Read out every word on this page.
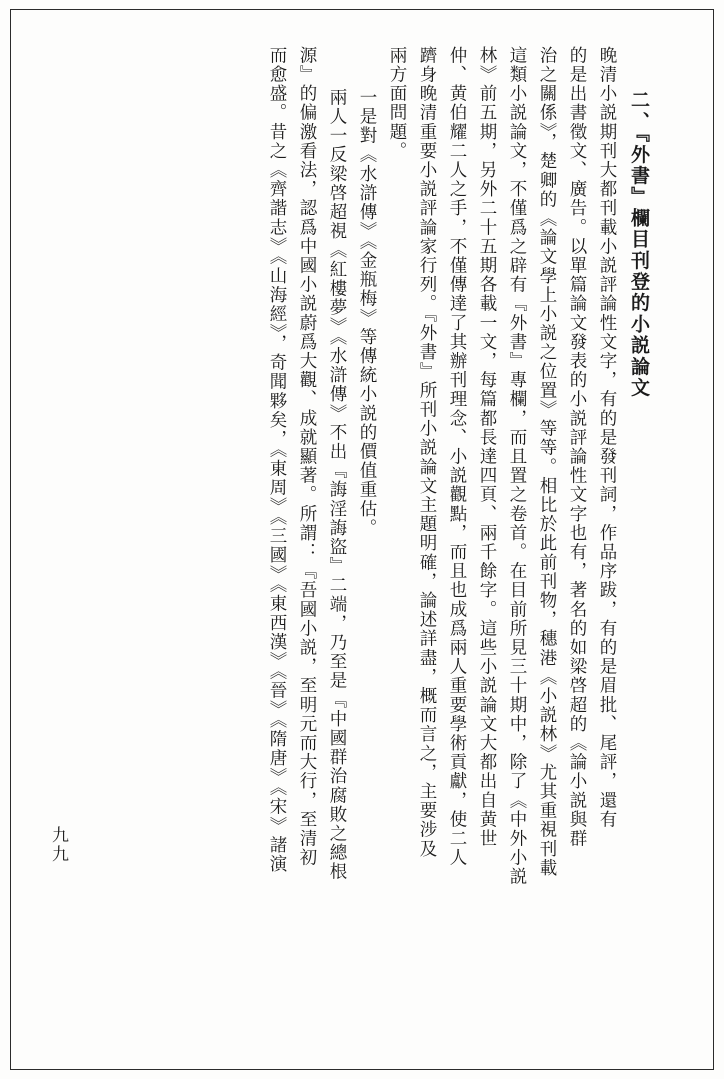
二、『外書』欄目刊登的小説論文
晚清小説期刊大都刊載小説評論性文字，有的是發刊詞，作品序跋，有的是眉批、尾評，還有
的是出書徵文、廣告。以單篇論文發表的小説評論性文字也有，著名的如梁啓超的《論小説與群
治之關係》，楚卿的《論文學上小説之位置》等等。相比於此前刊物，穗港《小説林》尤其重視刊載
這類小説論文，不僅爲之辟有『外書』專欄，而且置之卷首。在目前所見三十期中，除了《中外小説
林》前五期，另外二十五期各載一文，每篇都長達四頁、兩千餘字。這些小説論文大都出自黄世
仲、黄伯耀二人之手，不僅傳達了其辦刊理念、小説觀點，而且也成爲兩人重要學術貢獻，使二人
躋身晚清重要小説評論家行列。『外書』所刊小説論文主題明確，論述詳盡，概而言之，主要涉及
兩方面問題。
一是對《水滸傳》《金瓶梅》等傳統小説的價值重估。
兩人一反梁啓超視《紅樓夢》《水滸傳》不出『誨淫誨盜』二端，乃至是『中國群治腐敗之總根
源』的偏激看法，認爲中國小説蔚爲大觀、成就顯著。所謂：『吾國小説，至明元而大行，至清初
而愈盛。昔之《齊諧志》《山海經》，奇聞夥矣，《東周》《三國》《東西漢》《晉》《隋唐》《宋》諸演
九九
